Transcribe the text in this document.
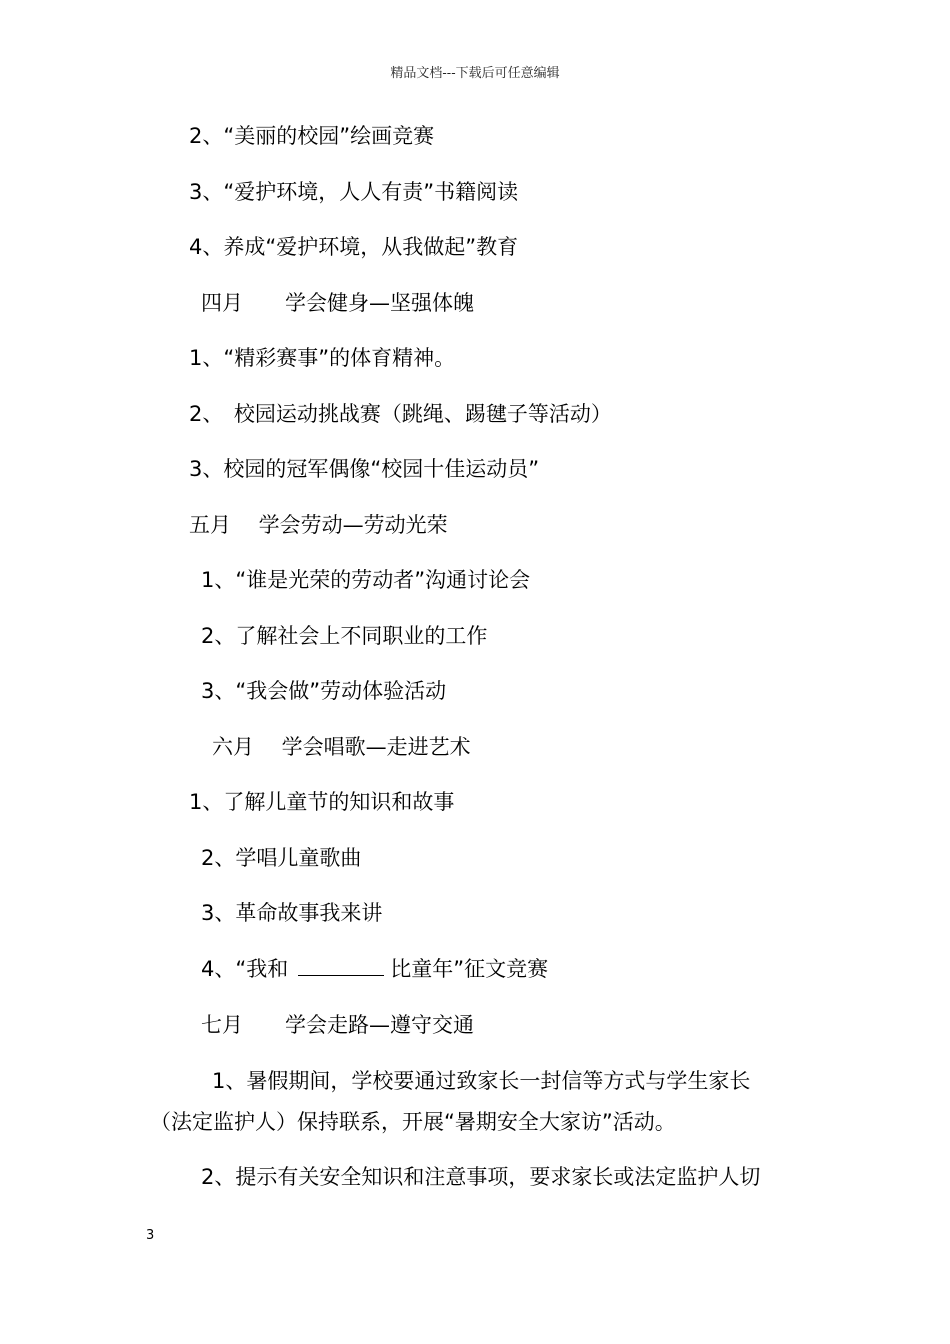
精品文档---下载后可任意编辑
2、“美丽的校园”绘画竞赛
3、“爱护环境，人人有责”书籍阅读
4、养成“爱护环境，从我做起”教育
四月　　学会健身—坚强体魄
1、“精彩赛事”的体育精神。
2、　校园运动挑战赛（跳绳、踢毽子等活动）
3、校园的冠军偶像“校园十佳运动员”
五月　 学会劳动—劳动光荣
1、“谁是光荣的劳动者”沟通讨论会
2、了解社会上不同职业的工作
3、“我会做”劳动体验活动
六月　 学会唱歌—走进艺术
1、了解儿童节的知识和故事
2、学唱儿童歌曲
3、革命故事我来讲
4、“我和	比童年”征文竞赛
七月　　学会走路—遵守交通
1、暑假期间，学校要通过致家长一封信等方式与学生家长
（法定监护人）保持联系，开展“暑期安全大家访”活动。
2、提示有关安全知识和注意事项，要求家长或法定监护人切
3
